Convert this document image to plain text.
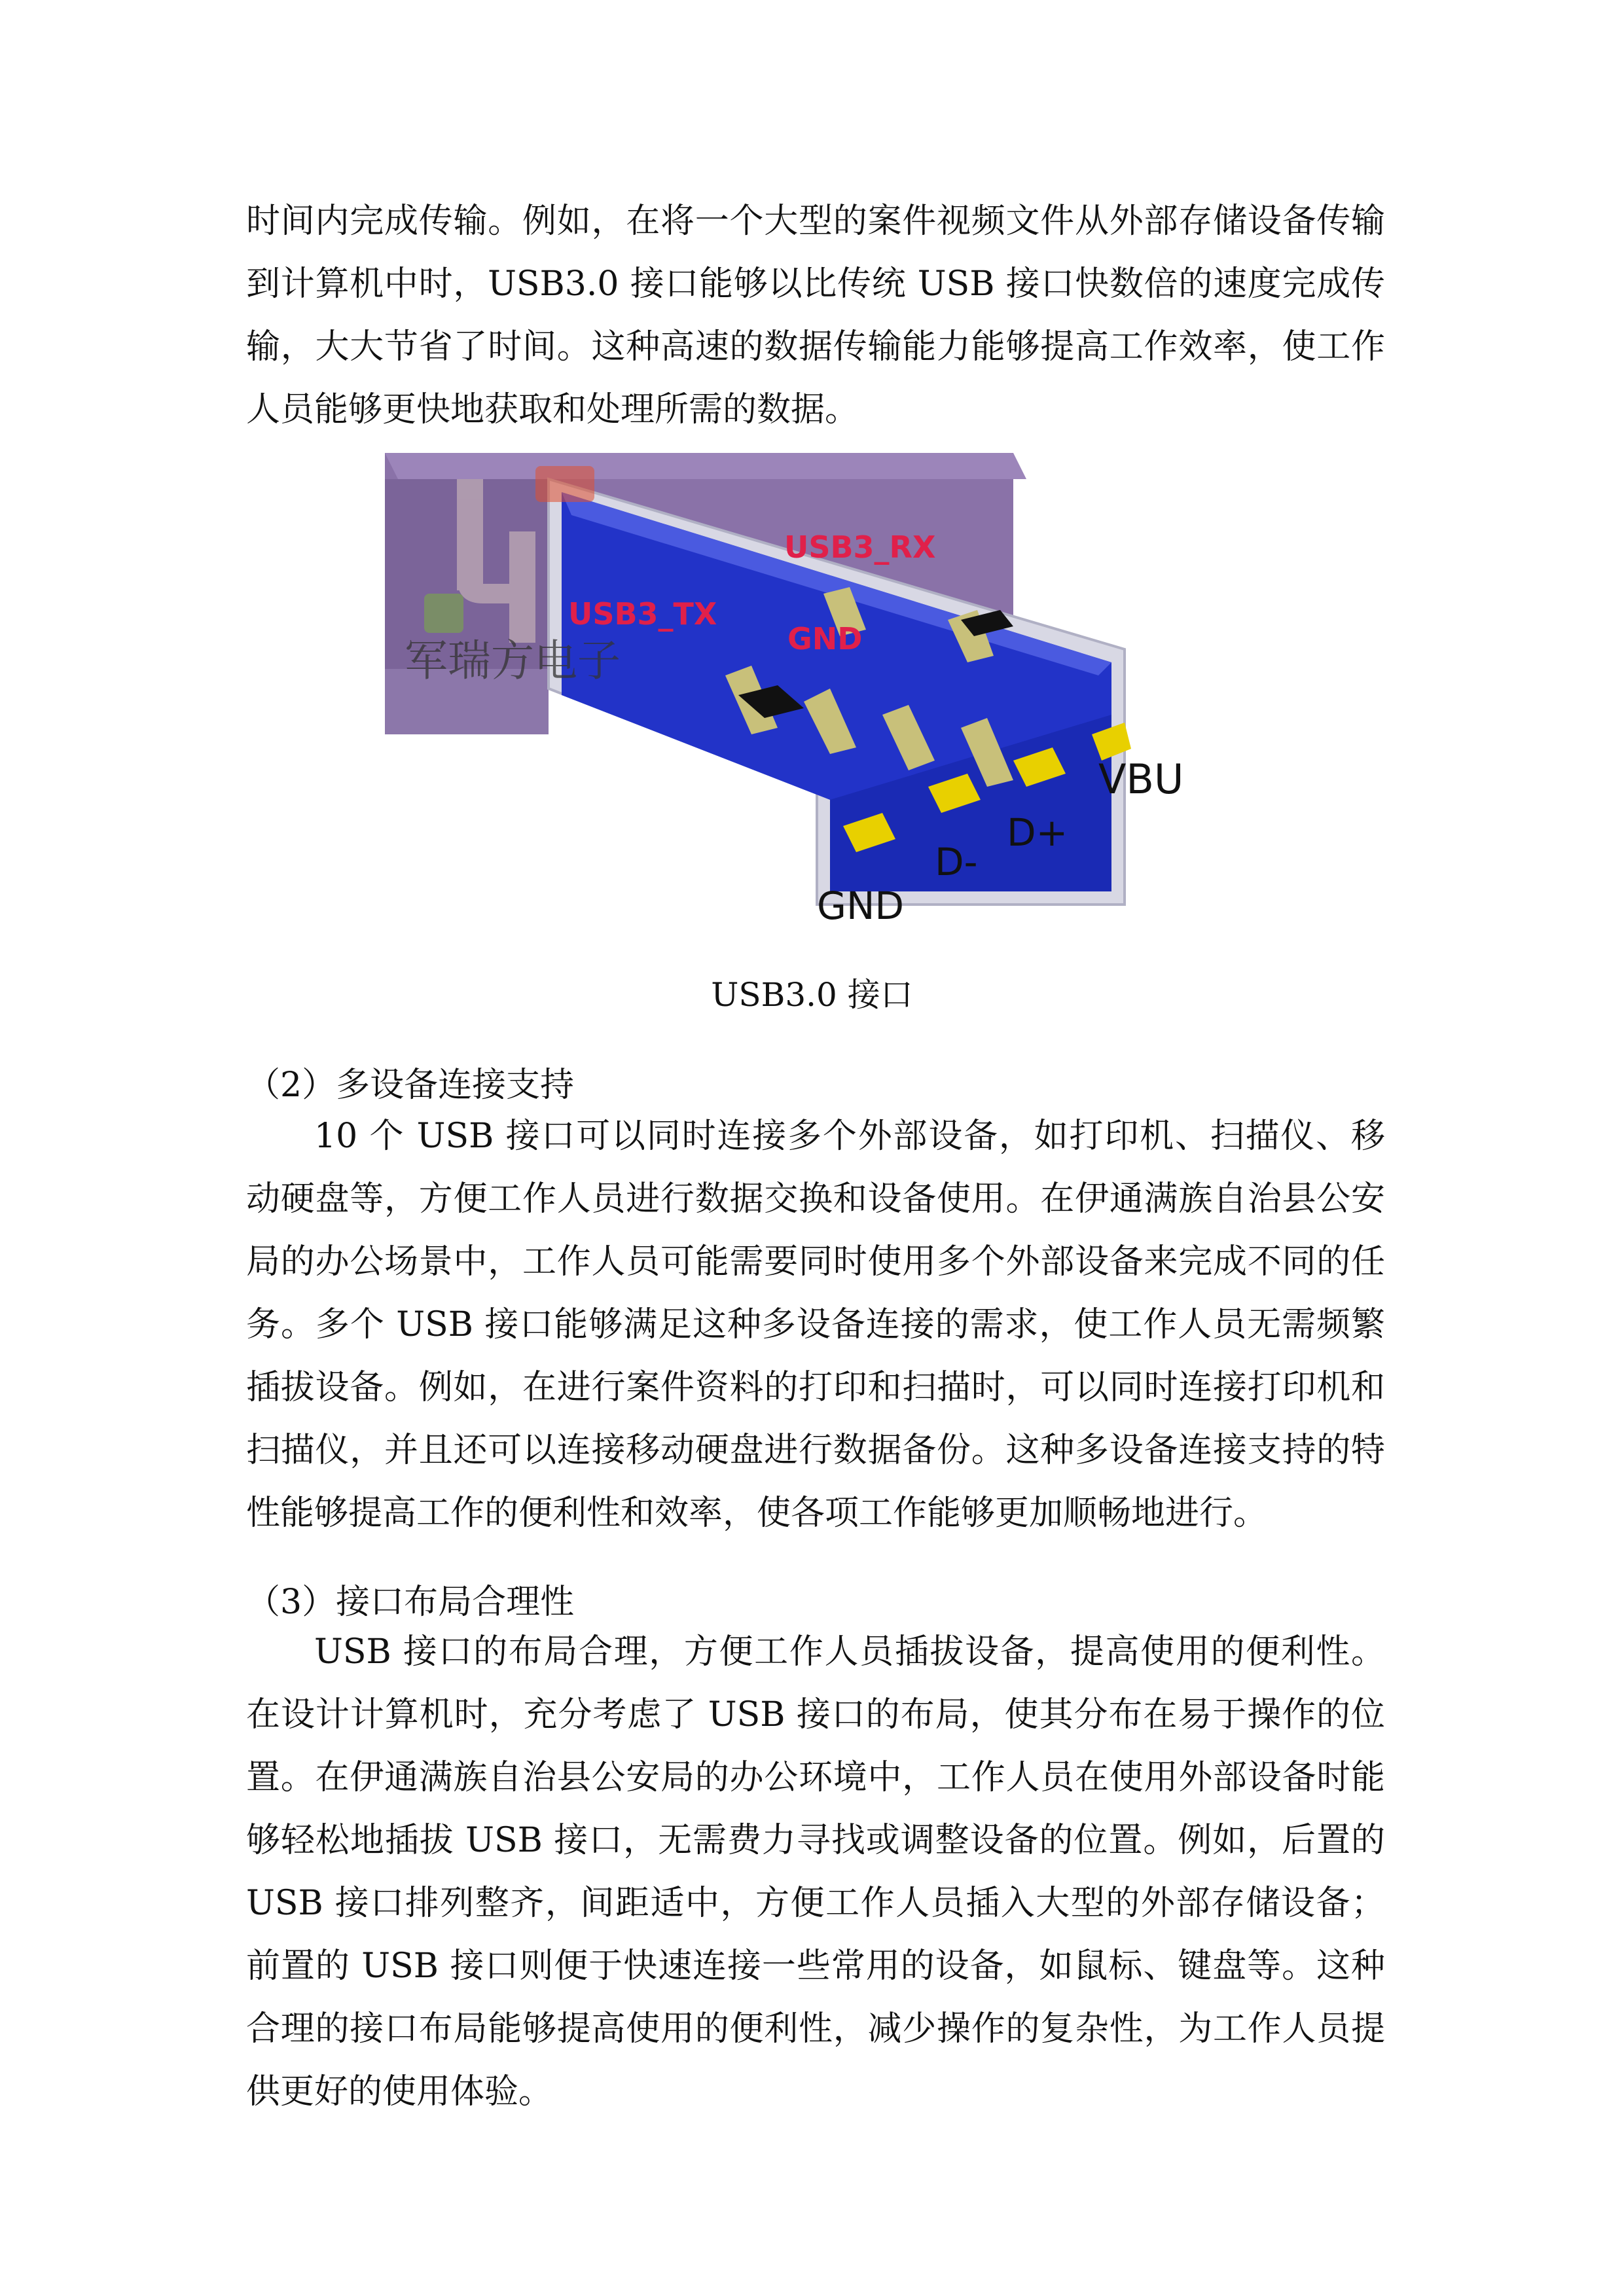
时间内完成传输。例如，在将一个大型的案件视频文件从外部存储设备传输到计算机中时，USB3.0 接口能够以比传统 USB 接口快数倍的速度完成传输，大大节省了时间。这种高速的数据传输能力能够提高工作效率，使工作人员能够更快地获取和处理所需的数据。

军瑞方电子
USB3_RX
USB3_TX
GND
VBU
D+
D-
GND

USB3.0 接口

（2）多设备连接支持

10 个 USB 接口可以同时连接多个外部设备，如打印机、扫描仪、移动硬盘等，方便工作人员进行数据交换和设备使用。在伊通满族自治县公安局的办公场景中，工作人员可能需要同时使用多个外部设备来完成不同的任务。多个 USB 接口能够满足这种多设备连接的需求，使工作人员无需频繁插拔设备。例如，在进行案件资料的打印和扫描时，可以同时连接打印机和扫描仪，并且还可以连接移动硬盘进行数据备份。这种多设备连接支持的特性能够提高工作的便利性和效率，使各项工作能够更加顺畅地进行。

（3）接口布局合理性

USB 接口的布局合理，方便工作人员插拔设备，提高使用的便利性。在设计计算机时，充分考虑了 USB 接口的布局，使其分布在易于操作的位置。在伊通满族自治县公安局的办公环境中，工作人员在使用外部设备时能够轻松地插拔 USB 接口，无需费力寻找或调整设备的位置。例如，后置的 USB 接口排列整齐，间距适中，方便工作人员插入大型的外部存储设备；前置的 USB 接口则便于快速连接一些常用的设备，如鼠标、键盘等。这种合理的接口布局能够提高使用的便利性，减少操作的复杂性，为工作人员提供更好的使用体验。
